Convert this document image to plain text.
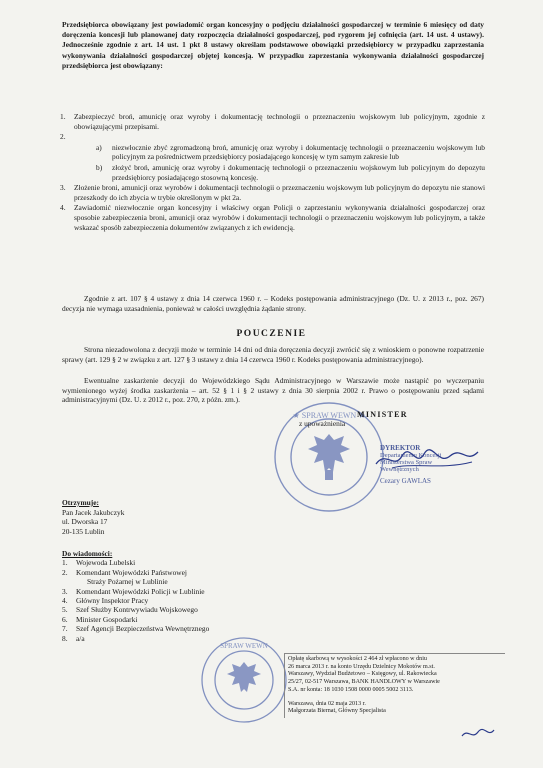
Przedsiębiorca obowiązany jest powiadomić organ koncesyjny o podjęciu działalności gospodarczej w terminie 6 miesięcy od daty doręczenia koncesji lub planowanej daty rozpoczęcia działalności gospodarczej, pod rygorem jej cofnięcia (art. 14 ust. 4 ustawy). Jednocześnie zgodnie z art. 14 ust. 1 pkt 8 ustawy określam podstawowe obowiązki przedsiębiorcy w przypadku zaprzestania wykonywania działalności gospodarczej objętej koncesją. W przypadku zaprzestania wykonywania działalności gospodarczej przedsiębiorca jest obowiązany:
1.	Zabezpieczyć broń, amunicję oraz wyroby i dokumentację technologii o przeznaczeniu wojskowym lub policyjnym, zgodnie z obowiązującymi przepisami.
2.
a)	niezwłocznie zbyć zgromadzoną broń, amunicję oraz wyroby i dokumentację technologii o przeznaczeniu wojskowym lub policyjnym za pośrednictwem przedsiębiorcy posiadającego koncesję w tym samym zakresie lub
b)	złożyć broń, amunicję oraz wyroby i dokumentację technologii o przeznaczeniu wojskowym lub policyjnym do depozytu przedsiębiorcy posiadającego stosowną koncesję.
3.	Złożenie broni, amunicji oraz wyrobów i dokumentacji technologii o przeznaczeniu wojskowym lub policyjnym do depozytu nie stanowi przeszkody do ich zbycia w trybie określonym w pkt 2a.
4.	Zawiadomić niezwłocznie organ koncesyjny i właściwy organ Policji o zaprzestaniu wykonywania działalności gospodarczej oraz sposobie zabezpieczenia broni, amunicji oraz wyrobów i dokumentacji technologii o przeznaczeniu wojskowym lub policyjnym, a także wskazać sposób zabezpieczenia dokumentów związanych z ich ewidencją.
Zgodnie z art. 107 § 4 ustawy z dnia 14 czerwca 1960 r. – Kodeks postępowania administracyjnego (Dz. U. z 2013 r., poz. 267) decyzja nie wymaga uzasadnienia, ponieważ w całości uwzględnia żądanie strony.
POUCZENIE
Strona niezadowolona z decyzji może w terminie 14 dni od dnia doręczenia decyzji zwrócić się z wnioskiem o ponowne rozpatrzenie sprawy (art. 129 § 2 w związku z art. 127 § 3 ustawy z dnia 14 czerwca 1960 r. Kodeks postępowania administracyjnego).
Ewentualne zaskarżenie decyzji do Wojewódzkiego Sądu Administracyjnego w Warszawie może nastąpić po wyczerpaniu wymienionego wyżej środka zaskarżenia – art. 52 § 1 i § 2 ustawy z dnia 30 sierpnia 2002 r. Prawo o postępowaniu przed sądami administracyjnymi (Dz. U. z 2012 r., poz. 270, z późn. zm.).
★ SPRAW WEWN ★
MINISTER
z upoważnienia
DYREKTOR
Departamentu Koncesji
Ministerstwa Spraw Wewnętrznych
Cezary GAWLAS
Otrzymuje:
Pan Jacek Jakubczyk
ul. Dworska 17
20-135 Lublin
Do wiadomości:
1.	Wojewoda Lubelski
2.	Komendant Wojewódzki Państwowej
Straży Pożarnej w Lublinie
3.	Komendant Wojewódzki Policji w Lublinie
4.	Główny Inspektor Pracy
5.	Szef Służby Kontrwywiadu Wojskowego
6.	Minister Gospodarki
7.	Szef Agencji Bezpieczeństwa Wewnętrznego
8.	a/a
SPRAW WEWN
Opłatę skarbową w wysokości 2 464 zł wpłacono w dniu
26 marca 2013 r. na konto Urzędu Dzielnicy Mokotów m.st.
Warszawy, Wydział Budżetowo – Księgowy, ul. Rakowiecka
25/27, 02-517 Warszawa, BANK HANDLOWY w Warszawie
S.A. nr konta: 18 1030 1508 0000 0005 5002 3113.
Warszawa, dnia 02 maja 2013 r.
Małgorzata Biernat, Główny Specjalista
